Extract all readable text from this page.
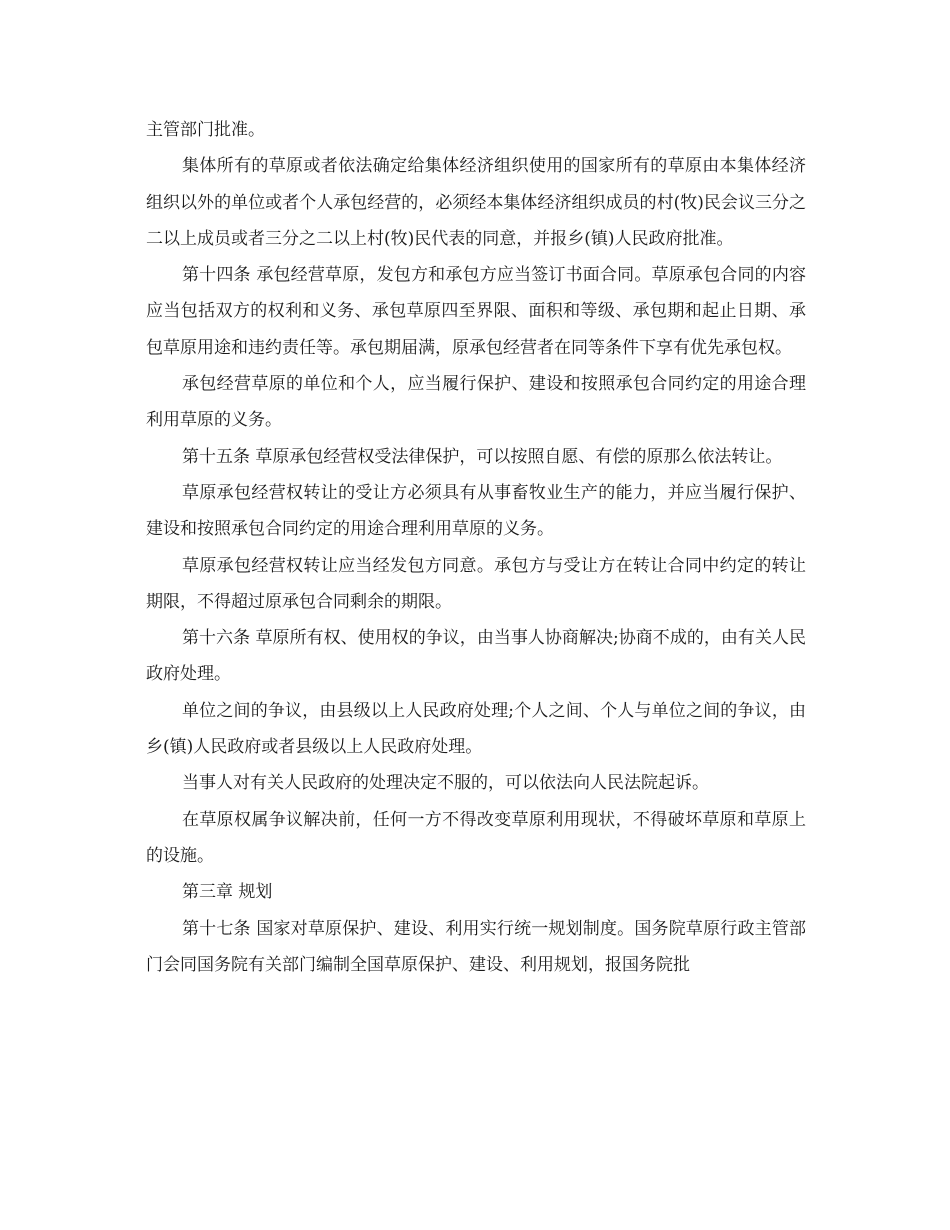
主管部门批准。

集体所有的草原或者依法确定给集体经济组织使用的国家所有的草原由本集体经济组织以外的单位或者个人承包经营的，必须经本集体经济组织成员的村(牧)民会议三分之二以上成员或者三分之二以上村(牧)民代表的同意，并报乡(镇)人民政府批准。

第十四条 承包经营草原，发包方和承包方应当签订书面合同。草原承包合同的内容应当包括双方的权利和义务、承包草原四至界限、面积和等级、承包期和起止日期、承包草原用途和违约责任等。承包期届满，原承包经营者在同等条件下享有优先承包权。

承包经营草原的单位和个人，应当履行保护、建设和按照承包合同约定的用途合理利用草原的义务。

第十五条 草原承包经营权受法律保护，可以按照自愿、有偿的原那么依法转让。

草原承包经营权转让的受让方必须具有从事畜牧业生产的能力，并应当履行保护、建设和按照承包合同约定的用途合理利用草原的义务。

草原承包经营权转让应当经发包方同意。承包方与受让方在转让合同中约定的转让期限，不得超过原承包合同剩余的期限。

第十六条 草原所有权、使用权的争议，由当事人协商解决;协商不成的，由有关人民政府处理。

单位之间的争议，由县级以上人民政府处理;个人之间、个人与单位之间的争议，由乡(镇)人民政府或者县级以上人民政府处理。

当事人对有关人民政府的处理决定不服的，可以依法向人民法院起诉。

在草原权属争议解决前，任何一方不得改变草原利用现状，不得破坏草原和草原上的设施。

第三章 规划

第十七条 国家对草原保护、建设、利用实行统一规划制度。国务院草原行政主管部门会同国务院有关部门编制全国草原保护、建设、利用规划，报国务院批
